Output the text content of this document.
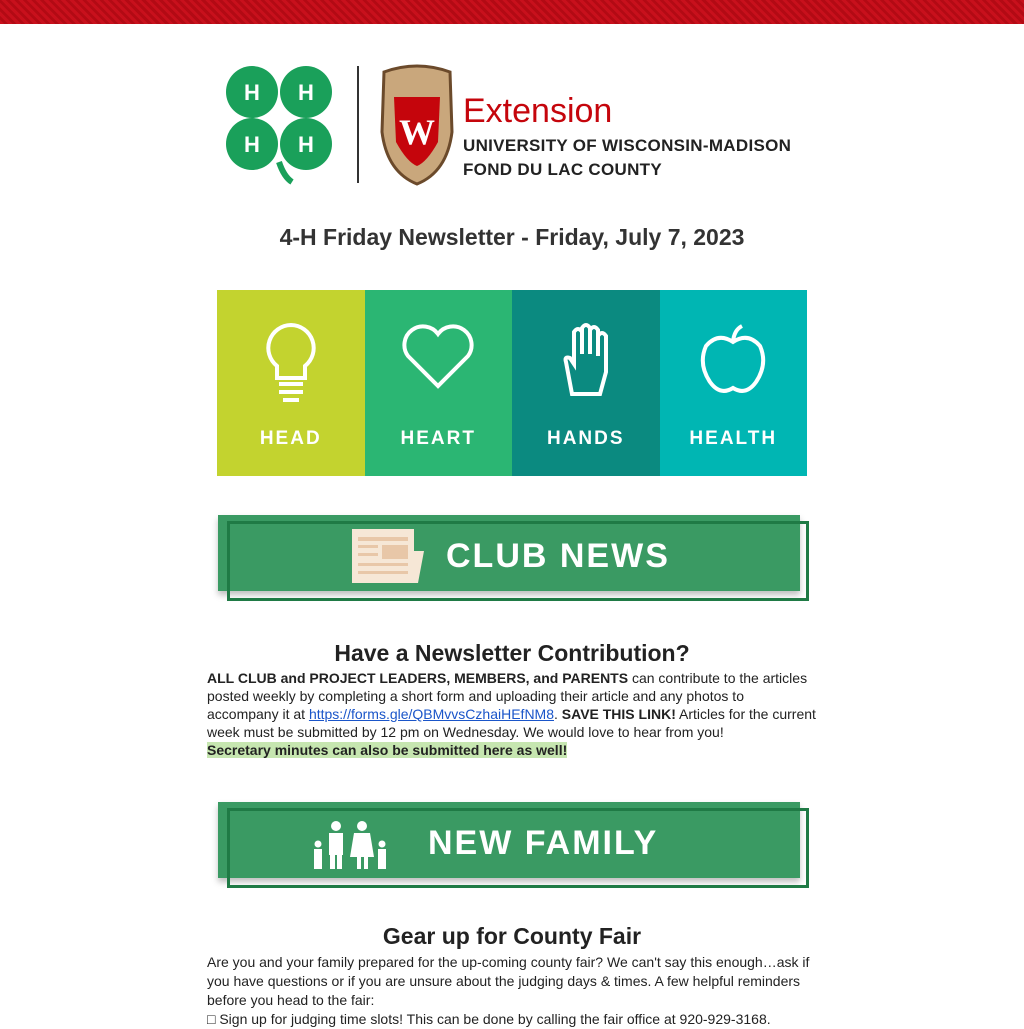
H H
H H W
Extension
UNIVERSITY OF WISCONSIN-MADISON
FOND DU LAC COUNTY
4-H Friday Newsletter - Friday, July 7, 2023
HEAD	HEART	HANDS	HEALTH
CLUB NEWS
Have a Newsletter Contribution?
ALL CLUB and PROJECT LEADERS, MEMBERS, and PARENTS can contribute to the articles posted weekly by completing a short form and uploading their article and any photos to accompany it at https://forms.gle/QBMvvsCzhaiHEfNM8. SAVE THIS LINK! Articles for the current week must be submitted by 12 pm on Wednesday. We would love to hear from you!
Secretary minutes can also be submitted here as well!
NEW FAMILY
Gear up for County Fair
Are you and your family prepared for the up-coming county fair? We can't say this enough…ask if you have questions or if you are unsure about the judging days & times. A few helpful reminders before you head to the fair:
□ Sign up for judging time slots! This can be done by calling the fair office at 920-929-3168.
